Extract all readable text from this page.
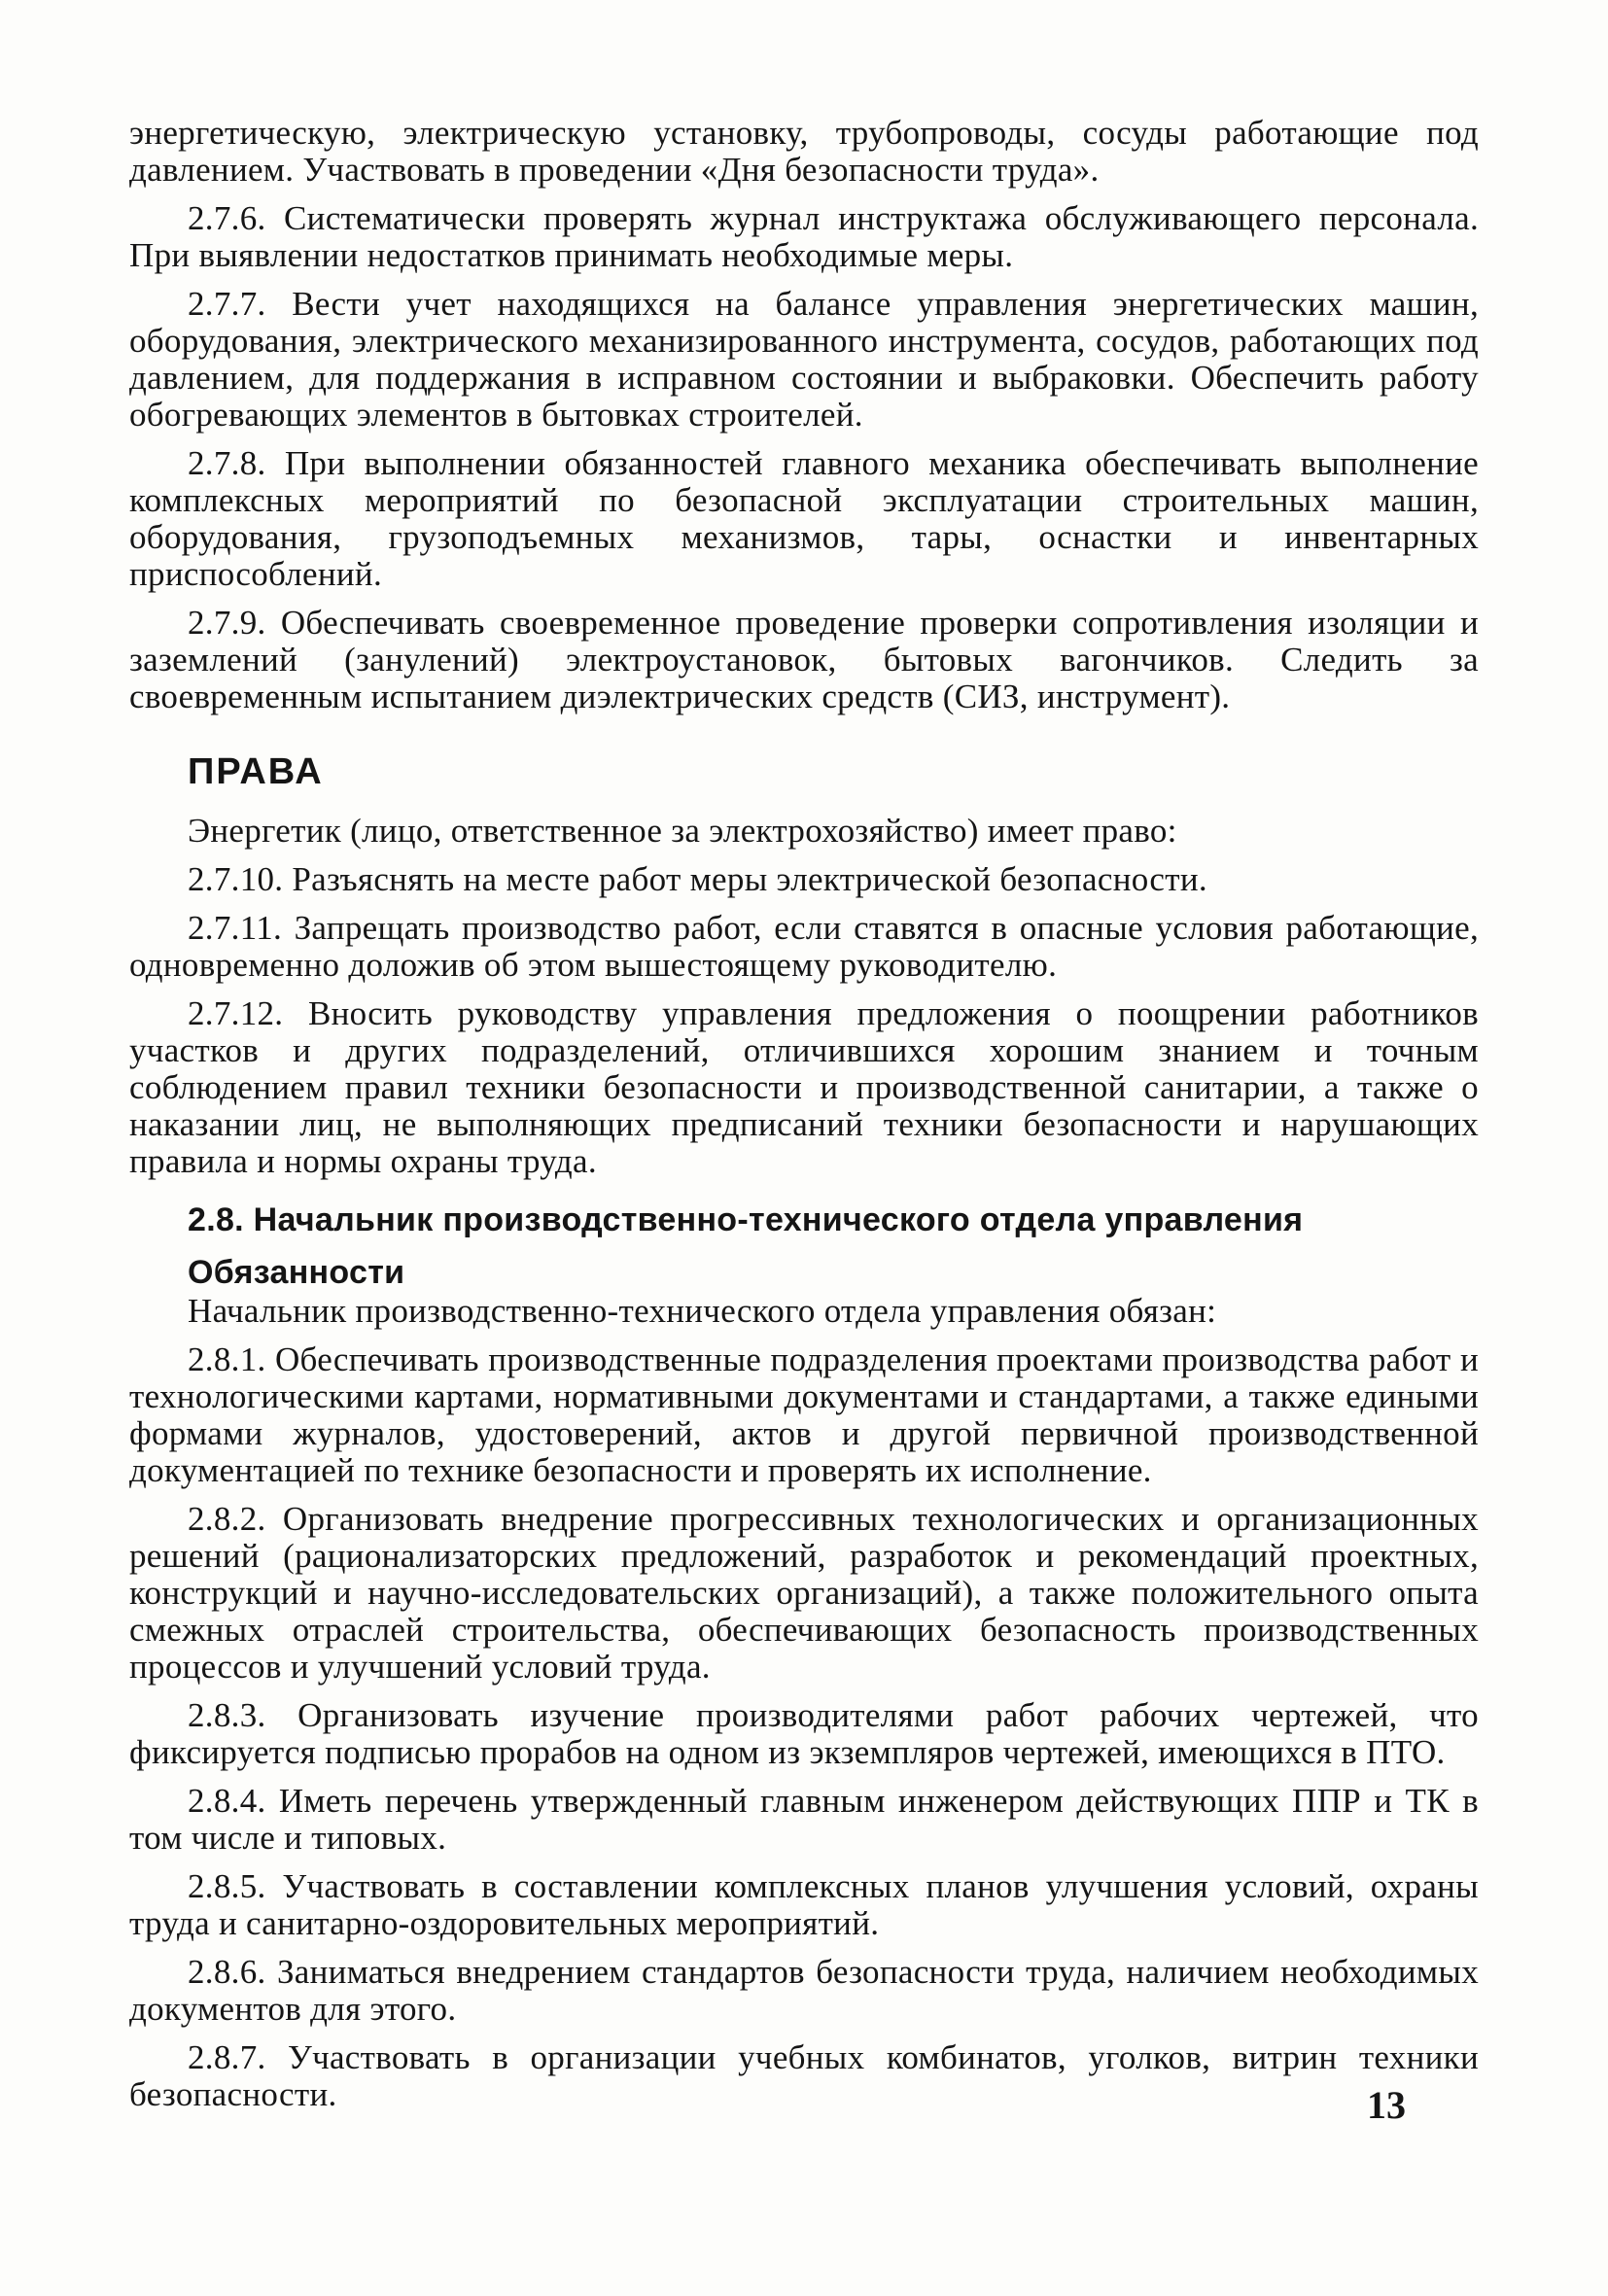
энергетическую, электрическую установку, трубопроводы, сосуды работающие под давлением. Участвовать в проведении «Дня безопасности труда».

2.7.6. Систематически проверять журнал инструктажа обслуживающего персонала. При выявлении недостатков принимать необходимые меры.

2.7.7. Вести учет находящихся на балансе управления энергетических машин, оборудования, электрического механизированного инструмента, сосудов, работающих под давлением, для поддержания в исправном состоянии и выбраковки. Обеспечить работу обогревающих элементов в бытовках строителей.

2.7.8. При выполнении обязанностей главного механика обеспечивать выполнение комплексных мероприятий по безопасной эксплуатации строительных машин, оборудования, грузоподъемных механизмов, тары, оснастки и инвентарных приспособлений.

2.7.9. Обеспечивать своевременное проведение проверки сопротивления изоляции и заземлений (занулений) электроустановок, бытовых вагончиков. Следить за своевременным испытанием диэлектрических средств (СИЗ, инструмент).

ПРАВА

Энергетик (лицо, ответственное за электрохозяйство) имеет право:

2.7.10. Разъяснять на месте работ меры электрической безопасности.

2.7.11. Запрещать производство работ, если ставятся в опасные условия работающие, одновременно доложив об этом вышестоящему руководителю.

2.7.12. Вносить руководству управления предложения о поощрении работников участков и других подразделений, отличившихся хорошим знанием и точным соблюдением правил техники безопасности и производственной санитарии, а также о наказании лиц, не выполняющих предписаний техники безопасности и нарушающих правила и нормы охраны труда.

2.8. Начальник производственно-технического отдела управления
Обязанности

Начальник производственно-технического отдела управления обязан:

2.8.1. Обеспечивать производственные подразделения проектами производства работ и технологическими картами, нормативными документами и стандартами, а также едиными формами журналов, удостоверений, актов и другой первичной производственной документацией по технике безопасности и проверять их исполнение.

2.8.2. Организовать внедрение прогрессивных технологических и организационных решений (рационализаторских предложений, разработок и рекомендаций проектных, конструкций и научно-исследовательских организаций), а также положительного опыта смежных отраслей строительства, обеспечивающих безопасность производственных процессов и улучшений условий труда.

2.8.3. Организовать изучение производителями работ рабочих чертежей, что фиксируется подписью прорабов на одном из экземпляров чертежей, имеющихся в ПТО.

2.8.4. Иметь перечень утвержденный главным инженером действующих ППР и ТК в том числе и типовых.

2.8.5. Участвовать в составлении комплексных планов улучшения условий, охраны труда и санитарно-оздоровительных мероприятий.

2.8.6. Заниматься внедрением стандартов безопасности труда, наличием необходимых документов для этого.

2.8.7. Участвовать в организации учебных комбинатов, уголков, витрин техники безопасности.	13
